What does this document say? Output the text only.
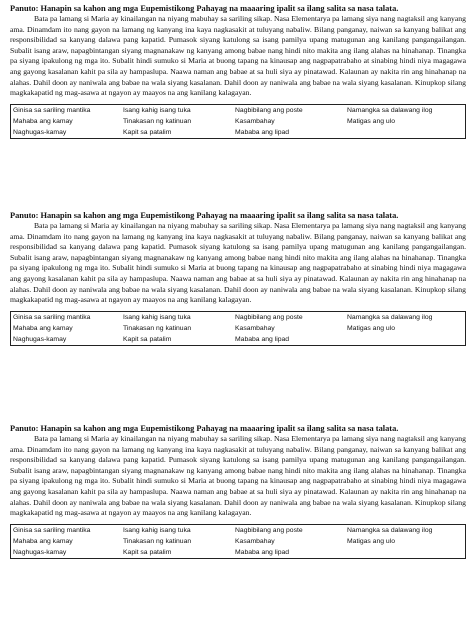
Panuto: Hanapin sa kahon ang mga Eupemistikong Pahayag na maaaring ipalit sa ilang salita sa nasa talata.

Bata pa lamang si Maria ay kinailangan na niyang mabuhay sa sariling sikap. Nasa Elementarya pa lamang siya nang nagtaksil ang kanyang ama. Dinamdam ito nang gayon na lamang ng kanyang ina kaya nagkasakit at tuluyang nabaliw. Bilang panganay, naiwan sa kanyang balikat ang responsibilidad sa kanyang dalawa pang kapatid. Pumasok siyang katulong sa isang pamilya upang matugunan ang kanilang pangangailangan. Subalit isang araw, napagbintangan siyang magnanakaw ng kanyang among babae nang hindi nito makita ang ilang alahas na hinahanap. Tinangka pa siyang ipakulong ng mga ito. Subalit hindi sumuko si Maria at buong tapang na kinausap ang nagpapatrabaho at sinabing hindi niya magagawa ang gayong kasalanan kahit pa sila ay hampaslupa. Naawa naman ang babae at sa huli siya ay pinatawad. Kalaunan ay nakita rin ang hinahanap na alahas. Dahil doon ay naniwala ang babae na wala siyang kasalanan. Dahil doon ay naniwala ang babae na wala siyang kasalanan. Kinupkop silang magkakapatid ng mag-asawa at ngayon ay maayos na ang kanilang kalagayan.

Ginisa sa sariling mantika	Isang kahig isang tuka	Nagbibilang ang poste	Namangka sa dalawang ilog
Mahaba ang kamay	Tinakasan ng katinuan	Kasambahay	Matigas ang ulo
Naghugas-kamay	Kapit sa patalim	Mababa ang lipad

Panuto: Hanapin sa kahon ang mga Eupemistikong Pahayag na maaaring ipalit sa ilang salita sa nasa talata.

Bata pa lamang si Maria ay kinailangan na niyang mabuhay sa sariling sikap. Nasa Elementarya pa lamang siya nang nagtaksil ang kanyang ama. Dinamdam ito nang gayon na lamang ng kanyang ina kaya nagkasakit at tuluyang nabaliw. Bilang panganay, naiwan sa kanyang balikat ang responsibilidad sa kanyang dalawa pang kapatid. Pumasok siyang katulong sa isang pamilya upang matugunan ang kanilang pangangailangan. Subalit isang araw, napagbintangan siyang magnanakaw ng kanyang among babae nang hindi nito makita ang ilang alahas na hinahanap. Tinangka pa siyang ipakulong ng mga ito. Subalit hindi sumuko si Maria at buong tapang na kinausap ang nagpapatrabaho at sinabing hindi niya magagawa ang gayong kasalanan kahit pa sila ay hampaslupa. Naawa naman ang babae at sa huli siya ay pinatawad. Kalaunan ay nakita rin ang hinahanap na alahas. Dahil doon ay naniwala ang babae na wala siyang kasalanan. Dahil doon ay naniwala ang babae na wala siyang kasalanan. Kinupkop silang magkakapatid ng mag-asawa at ngayon ay maayos na ang kanilang kalagayan.

Ginisa sa sariling mantika	Isang kahig isang tuka	Nagbibilang ang poste	Namangka sa dalawang ilog
Mahaba ang kamay	Tinakasan ng katinuan	Kasambahay	Matigas ang ulo
Naghugas-kamay	Kapit sa patalim	Mababa ang lipad

Panuto: Hanapin sa kahon ang mga Eupemistikong Pahayag na maaaring ipalit sa ilang salita sa nasa talata.

Bata pa lamang si Maria ay kinailangan na niyang mabuhay sa sariling sikap. Nasa Elementarya pa lamang siya nang nagtaksil ang kanyang ama. Dinamdam ito nang gayon na lamang ng kanyang ina kaya nagkasakit at tuluyang nabaliw. Bilang panganay, naiwan sa kanyang balikat ang responsibilidad sa kanyang dalawa pang kapatid. Pumasok siyang katulong sa isang pamilya upang matugunan ang kanilang pangangailangan. Subalit isang araw, napagbintangan siyang magnanakaw ng kanyang among babae nang hindi nito makita ang ilang alahas na hinahanap. Tinangka pa siyang ipakulong ng mga ito. Subalit hindi sumuko si Maria at buong tapang na kinausap ang nagpapatrabaho at sinabing hindi niya magagawa ang gayong kasalanan kahit pa sila ay hampaslupa. Naawa naman ang babae at sa huli siya ay pinatawad. Kalaunan ay nakita rin ang hinahanap na alahas. Dahil doon ay naniwala ang babae na wala siyang kasalanan. Dahil doon ay naniwala ang babae na wala siyang kasalanan. Kinupkop silang magkakapatid ng mag-asawa at ngayon ay maayos na ang kanilang kalagayan.

Ginisa sa sariling mantika	Isang kahig isang tuka	Nagbibilang ang poste	Namangka sa dalawang ilog
Mahaba ang kamay	Tinakasan ng katinuan	Kasambahay	Matigas ang ulo
Naghugas-kamay	Kapit sa patalim	Mababa ang lipad
